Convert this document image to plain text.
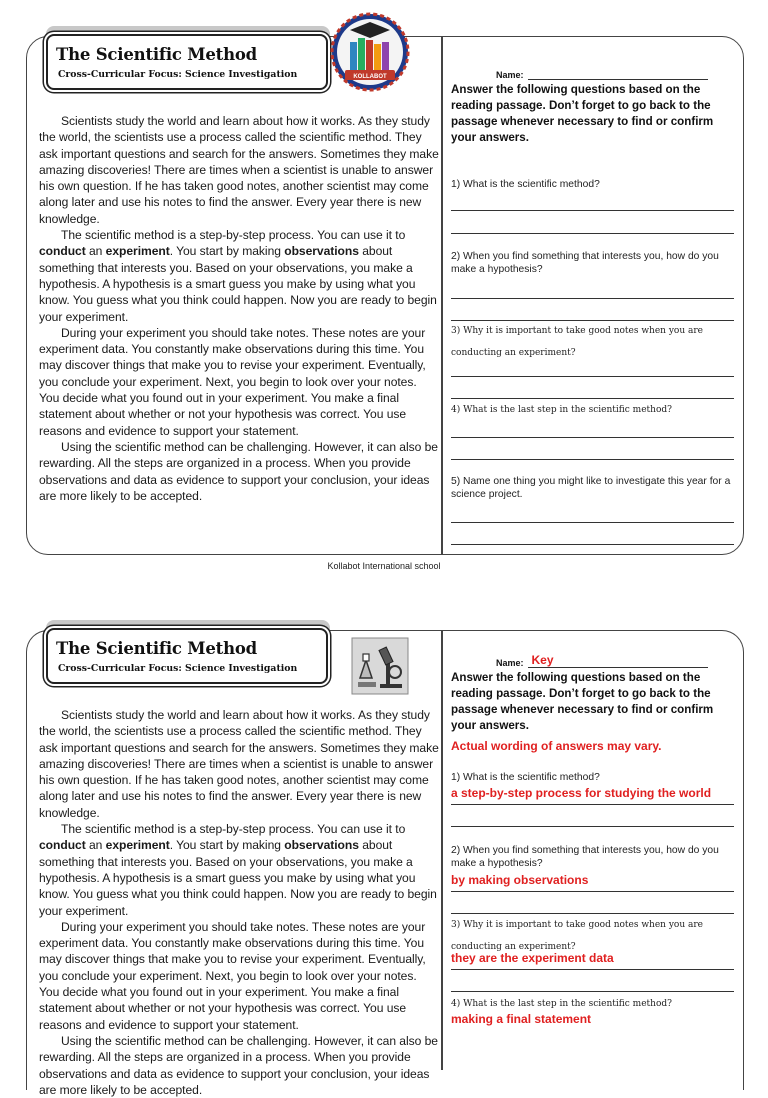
The Scientific Method
Cross-Curricular Focus: Science Investigation	KOLLABOT

Scientists study the world and learn about how it works. As they study the world, the scientists use a process called the scientific method. They ask important questions and search for the answers. Sometimes they make amazing discoveries! There are times when a scientist is unable to answer his own question. If he has taken good notes, another scientist may come along later and use his notes to find the answer. Every year there is new knowledge.

The scientific method is a step-by-step process. You can use it to conduct an experiment. You start by making observations about something that interests you. Based on your observations, you make a hypothesis. A hypothesis is a smart guess you make by using what you know. You guess what you think could happen. Now you are ready to begin your experiment.

During your experiment you should take notes. These notes are your experiment data. You constantly make observations during this time. You may discover things that make you to revise your experiment. Eventually, you conclude your experiment. Next, you begin to look over your notes. You decide what you found out in your experiment. You make a final statement about whether or not your hypothesis was correct. You use reasons and evidence to support your statement.

Using the scientific method can be challenging. However, it can also be rewarding. All the steps are organized in a process. When you provide observations and data as evidence to support your conclusion, your ideas are more likely to be accepted.

Name:
Answer the following questions based on the reading passage. Don’t forget to go back to the passage whenever necessary to find or confirm your answers.
1) What is the scientific method?
2) When you find something that interests you, how do you make a hypothesis?
3) Why it is important to take good notes when you are conducting an experiment?
4) What is the last step in the scientific method?
5) Name one thing you might like to investigate this year for a science project.
Kollabot International school
The Scientific Method
Cross-Curricular Focus: Science Investigation

Scientists study the world and learn about how it works. As they study the world, the scientists use a process called the scientific method. They ask important questions and search for the answers. Sometimes they make amazing discoveries! There are times when a scientist is unable to answer his own question. If he has taken good notes, another scientist may come along later and use his notes to find the answer. Every year there is new knowledge.

The scientific method is a step-by-step process. You can use it to conduct an experiment. You start by making observations about something that interests you. Based on your observations, you make a hypothesis. A hypothesis is a smart guess you make by using what you know. You guess what you think could happen. Now you are ready to begin your experiment.

During your experiment you should take notes. These notes are your experiment data. You constantly make observations during this time. You may discover things that make you to revise your experiment. Eventually, you conclude your experiment. Next, you begin to look over your notes. You decide what you found out in your experiment. You make a final statement about whether or not your hypothesis was correct. You use reasons and evidence to support your statement.

Using the scientific method can be challenging. However, it can also be rewarding. All the steps are organized in a process. When you provide observations and data as evidence to support your conclusion, your ideas are more likely to be accepted.

Name: Key
Answer the following questions based on the reading passage. Don’t forget to go back to the passage whenever necessary to find or confirm your answers.
Actual wording of answers may vary.
1) What is the scientific method?
a step-by-step process for studying the world
2) When you find something that interests you, how do you make a hypothesis?
by making observations
3) Why it is important to take good notes when you are conducting an experiment?
they are the experiment data
4) What is the last step in the scientific method?
making a final statement
